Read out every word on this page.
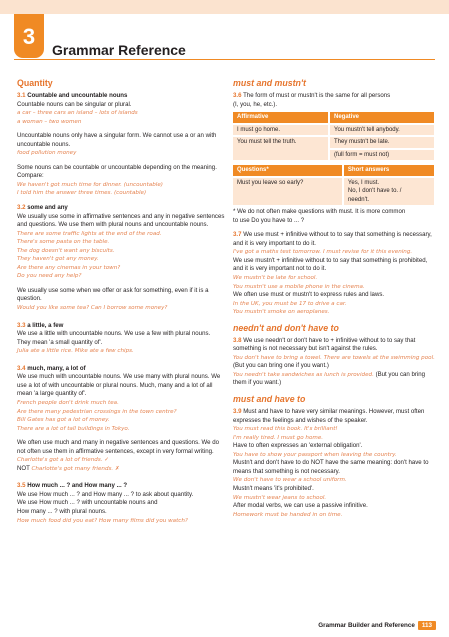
3
Grammar Reference
Quantity

3.1 Countable and uncountable nouns

Countable nouns can be singular or plural.

a car – three cars an island – lots of islands

a woman – two women

Uncountable nouns only have a singular form. We cannot use a or an with uncountable nouns.

food pollution money

Some nouns can be countable or uncountable depending on the meaning. Compare:

We haven't got much time for dinner. (uncountable)

I told him the answer three times. (countable)

3.2 some and any

We usually use some in affirmative sentences and any in negative sentences and questions. We use them with plural nouns and uncountable nouns.

There are some traffic lights at the end of the road.

There's some pasta on the table.

The dog doesn't want any biscuits.

They haven't got any money.

Are there any cinemas in your town?

Do you need any help?

We usually use some when we offer or ask for something, even if it is a question.

Would you like some tea? Can I borrow some money?

3.3 a little, a few

We use a little with uncountable nouns. We use a few with plural nouns. They mean 'a small quantity of'.

Julia ate a little rice. Mike ate a few chips.

3.4 much, many, a lot of

We use much with uncountable nouns. We use many with plural nouns. We use a lot of with uncountable or plural nouns. Much, many and a lot of all mean 'a large quantity of'.

French people don't drink much tea.

Are there many pedestrian crossings in the town centre?

Bill Gates has got a lot of money.

There are a lot of tall buildings in Tokyo.

We often use much and many in negative sentences and questions. We do not often use them in affirmative sentences, except in very formal writing.

Charlotte's got a lot of friends. ✓

NOT Charlotte's got many friends. ✗

3.5 How much ... ? and How many ... ?

We use How much ... ? and How many ... ? to ask about quantity.

We use How much ... ? with uncountable nouns and

How many ... ? with plural nouns.

How much food did you eat? How many films did you watch?

must and mustn't

3.6 The form of must or mustn't is the same for all persons

(I, you, he, etc.).

Affirmative	Negative
I must go home.	You mustn't tell anybody.
You must tell the truth.	They mustn't be late.
	(full form = must not)
Questions*	Short answers
Must you leave so early?	Yes, I must.
No, I don't have to. /
needn't.

* We do not often make questions with must. It is more common

to use Do you have to ... ?

3.7 We use must + infinitive without to to say that something is necessary, and it is very important to do it.

I've got a maths test tomorrow. I must revise for it this evening.

We use mustn't + infinitive without to to say that something is prohibited, and it is very important not to do it.

We mustn't be late for school.

You mustn't use a mobile phone in the cinema.

We often use must or mustn't to express rules and laws.

In the UK, you must be 17 to drive a car.

You mustn't smoke on aeroplanes.

needn't and don't have to

3.8 We use needn't or don't have to + infinitive without to to say that something is not necessary but isn't against the rules.

You don't have to bring a towel. There are towels at the swimming pool. (But you can bring one if you want.)

You needn't take sandwiches as lunch is provided. (But you can bring them if you want.)

must and have to

3.9 Must and have to have very similar meanings. However, must often expresses the feelings and wishes of the speaker.

You must read this book. It's brilliant!

I'm really tired. I must go home.

Have to often expresses an 'external obligation'.

You have to show your passport when leaving the country.

Mustn't and don't have to do NOT have the same meaning: don't have to means that something is not necessary.

We don't have to wear a school uniform.

Mustn't means 'it's prohibited'.

We mustn't wear jeans to school.

After modal verbs, we can use a passive infinitive.

Homework must be handed in on time.

Grammar Builder and Reference 113
